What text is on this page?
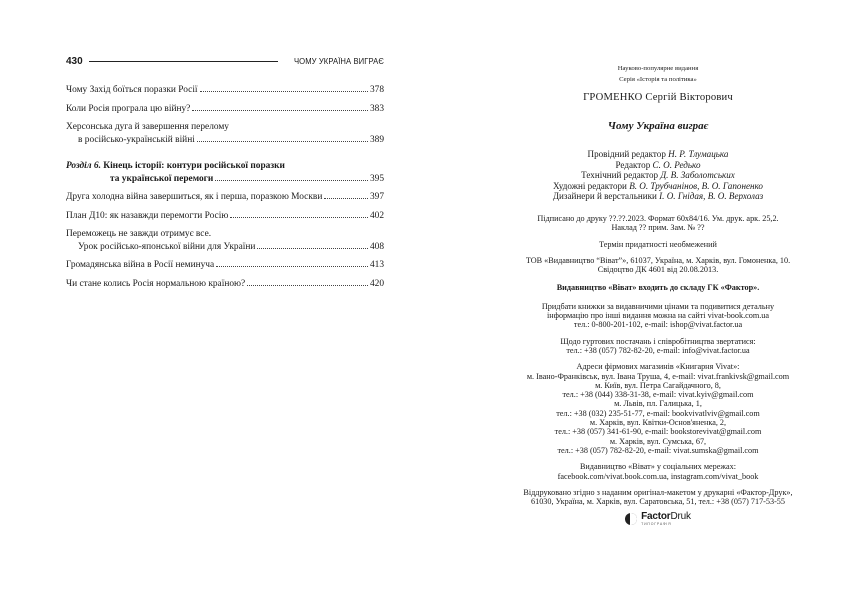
430	ЧОМУ УКРАЇНА ВИГРАЄ
Чому Захід боїться поразки Росії	378
Коли Росія програла цю війну?	383
Херсонська дуга й завершення перелому
в російсько-українській війні	389
Розділ 6. Кінець історії: контури російської поразки
та української перемоги	395
Друга холодна війна завершиться, як і перша, поразкою Москви	397
План Д10: як назавжди перемогти Росію	402
Переможець не завжди отримує все.
Урок російсько-японської війни для України	408
Громадянська війна в Росії неминуча	413
Чи стане колись Росія нормальною країною?	420
Науково-популярне видання
Серія «Історія та політика»
ГРОМЕНКО Сергій Вікторович
Чому Україна виграє
Провідний редактор Н. Р. Тлумацька
Редактор С. О. Редько
Технічний редактор Д. В. Заболотських
Художні редактори В. О. Трубчанінов, В. О. Гапоненко
Дизайнери й верстальники І. О. Гнідая, В. О. Верхолаз
Підписано до друку ??.??.2023. Формат 60х84/16. Ум. друк. арк. 25,2.
Наклад ?? прим. Зам. № ??
Термін придатності необмежений
ТОВ «Видавництво “Віват”», 61037, Україна, м. Харків, вул. Гомоненка, 10.
Свідоцтво ДК 4601 від 20.08.2013.
Видавництво «Віват» входить до складу ГК «Фактор».
Придбати книжки за видавничими цінами та подивитися детальну
інформацію про інші видання можна на сайті vivat-book.com.ua
тел.: 0-800-201-102, e-mail: ishop@vivat.factor.ua
Щодо гуртових постачань і співробітництва звертатися:
тел.: +38 (057) 782-82-20, e-mail: info@vivat.factor.ua
Адреси фірмових магазинів «Книгарня Vivat»:
м. Івано-Франківськ, вул. Івана Труша, 4, e-mail: vivat.frankivsk@gmail.com
м. Київ, вул. Петра Сагайдачного, 8,
тел.: +38 (044) 338-31-38, e-mail: vivat.kyiv@gmail.com
м. Львів, пл. Галицька, 1,
тел.: +38 (032) 235-51-77, e-mail: bookvivatlviv@gmail.com
м. Харків, вул. Квітки-Основ'яненка, 2,
тел.: +38 (057) 341-61-90, e-mail: bookstorevivat@gmail.com
м. Харків, вул. Сумська, 67,
тел.: +38 (057) 782-82-20, e-mail: vivat.sumska@gmail.com
Видавництво «Віват» у соціальних мережах:
facebook.com/vivat.book.com.ua, instagram.com/vivat_book
Віддруковано згідно з наданим оригінал-макетом у друкарні «Фактор-Друк»,
61030, Україна, м. Харків, вул. Саратовська, 51, тел.: +38 (057) 717-53-55
FactorDruk
ТИПОГРАФІЯ
